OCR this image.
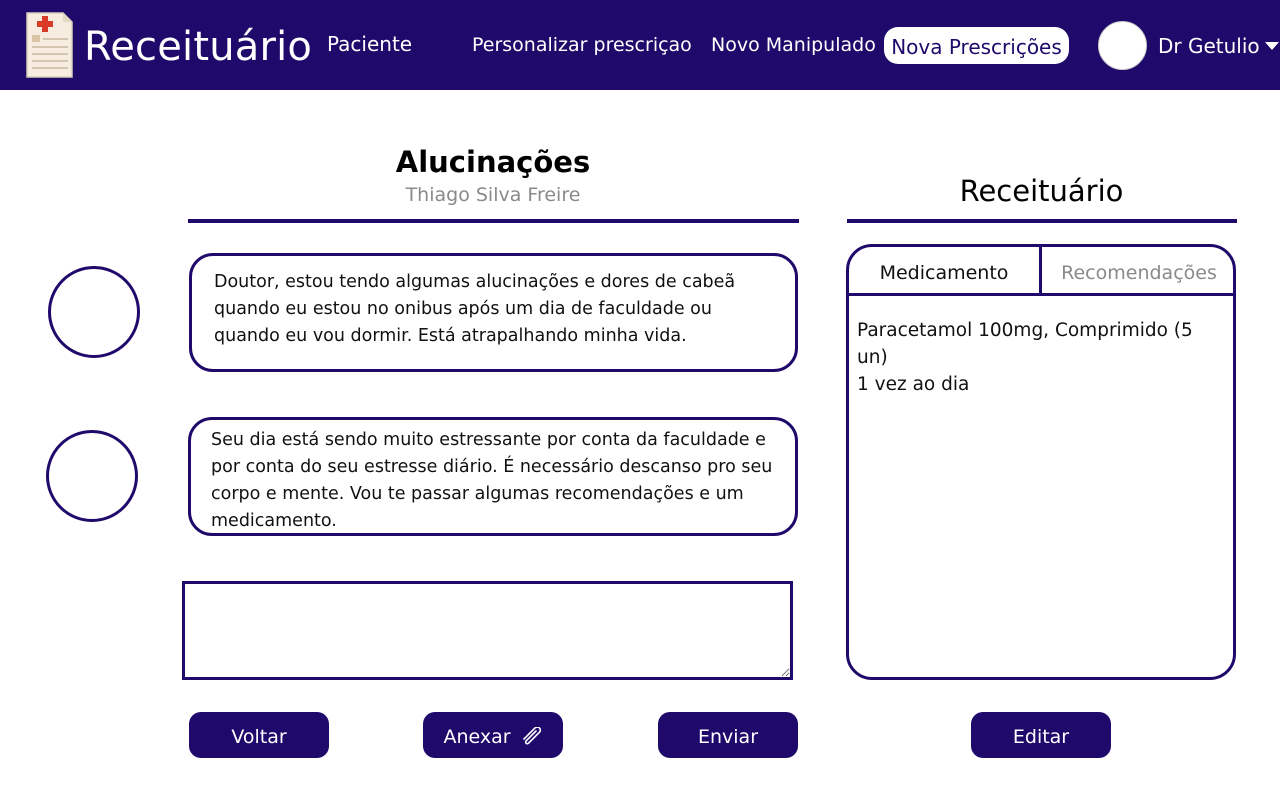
Receituário Paciente	Personalizar prescriçao Novo Manipulado Nova Prescrições	Dr Getulio
Alucinações
Thiago Silva Freire
Doutor, estou tendo algumas alucinações e dores de cabeã quando eu estou no onibus após um dia de faculdade ou quando eu vou dormir. Está atrapalhando minha vida.
Seu dia está sendo muito estressante por conta da faculdade e por conta do seu estresse diário. É necessário descanso pro seu corpo e mente. Vou te passar algumas recomendações e um medicamento.
Voltar	Anexar	Enviar
Receituário
Medicamento	Recomendações
Paracetamol 100mg, Comprimido (5 un)
1 vez ao dia
Editar
